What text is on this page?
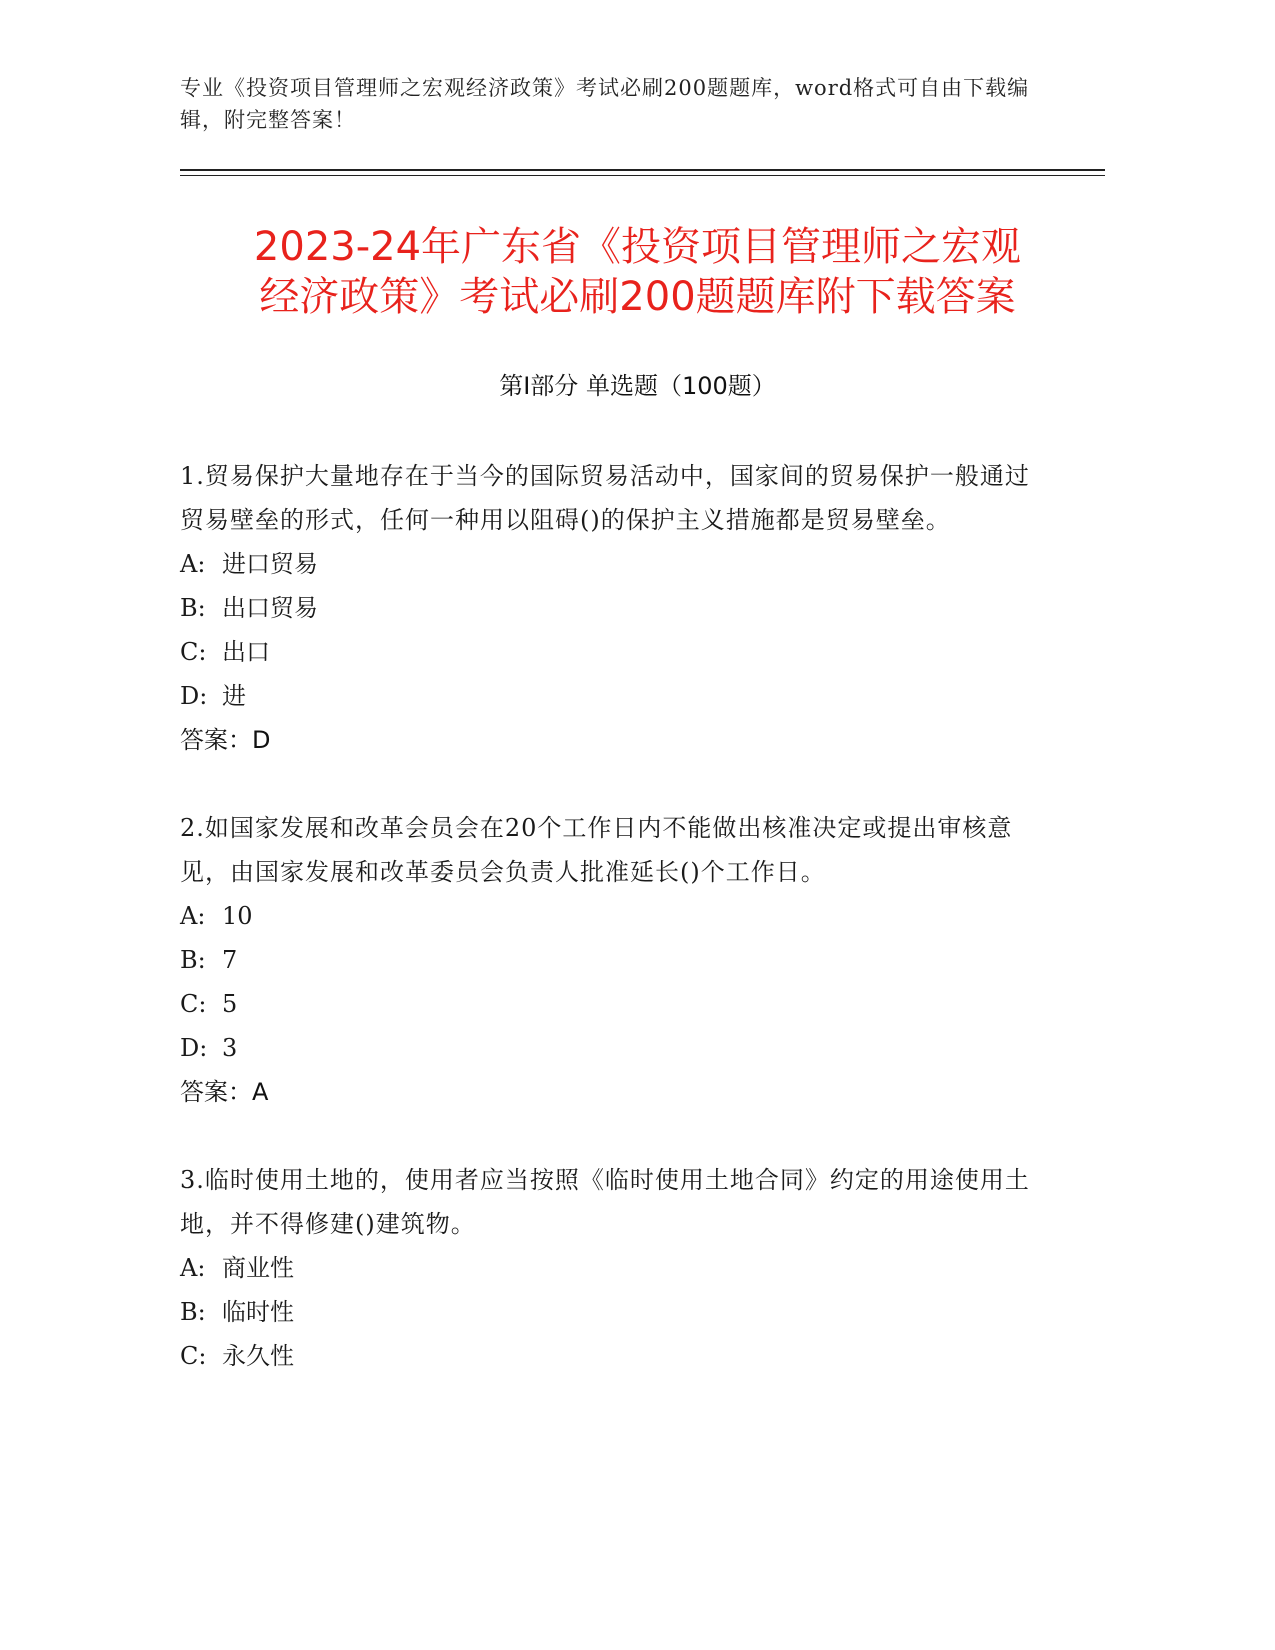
专业《投资项目管理师之宏观经济政策》考试必刷200题题库，word格式可自由下载编辑，附完整答案！
2023-24年广东省《投资项目管理师之宏观
经济政策》考试必刷200题题库附下载答案
第Ⅰ部分 单选题（100题）
1.贸易保护大量地存在于当今的国际贸易活动中，国家间的贸易保护一般通过贸易壁垒的形式，任何一种用以阻碍()的保护主义措施都是贸易壁垒。
A: 进口贸易
B: 出口贸易
C: 出口
D: 进
答案：D
2.如国家发展和改革会员会在20个工作日内不能做出核准决定或提出审核意见，由国家发展和改革委员会负责人批准延长()个工作日。
A: 10
B: 7
C: 5
D: 3
答案：A
3.临时使用土地的，使用者应当按照《临时使用土地合同》约定的用途使用土地，并不得修建()建筑物。
A: 商业性
B: 临时性
C: 永久性
